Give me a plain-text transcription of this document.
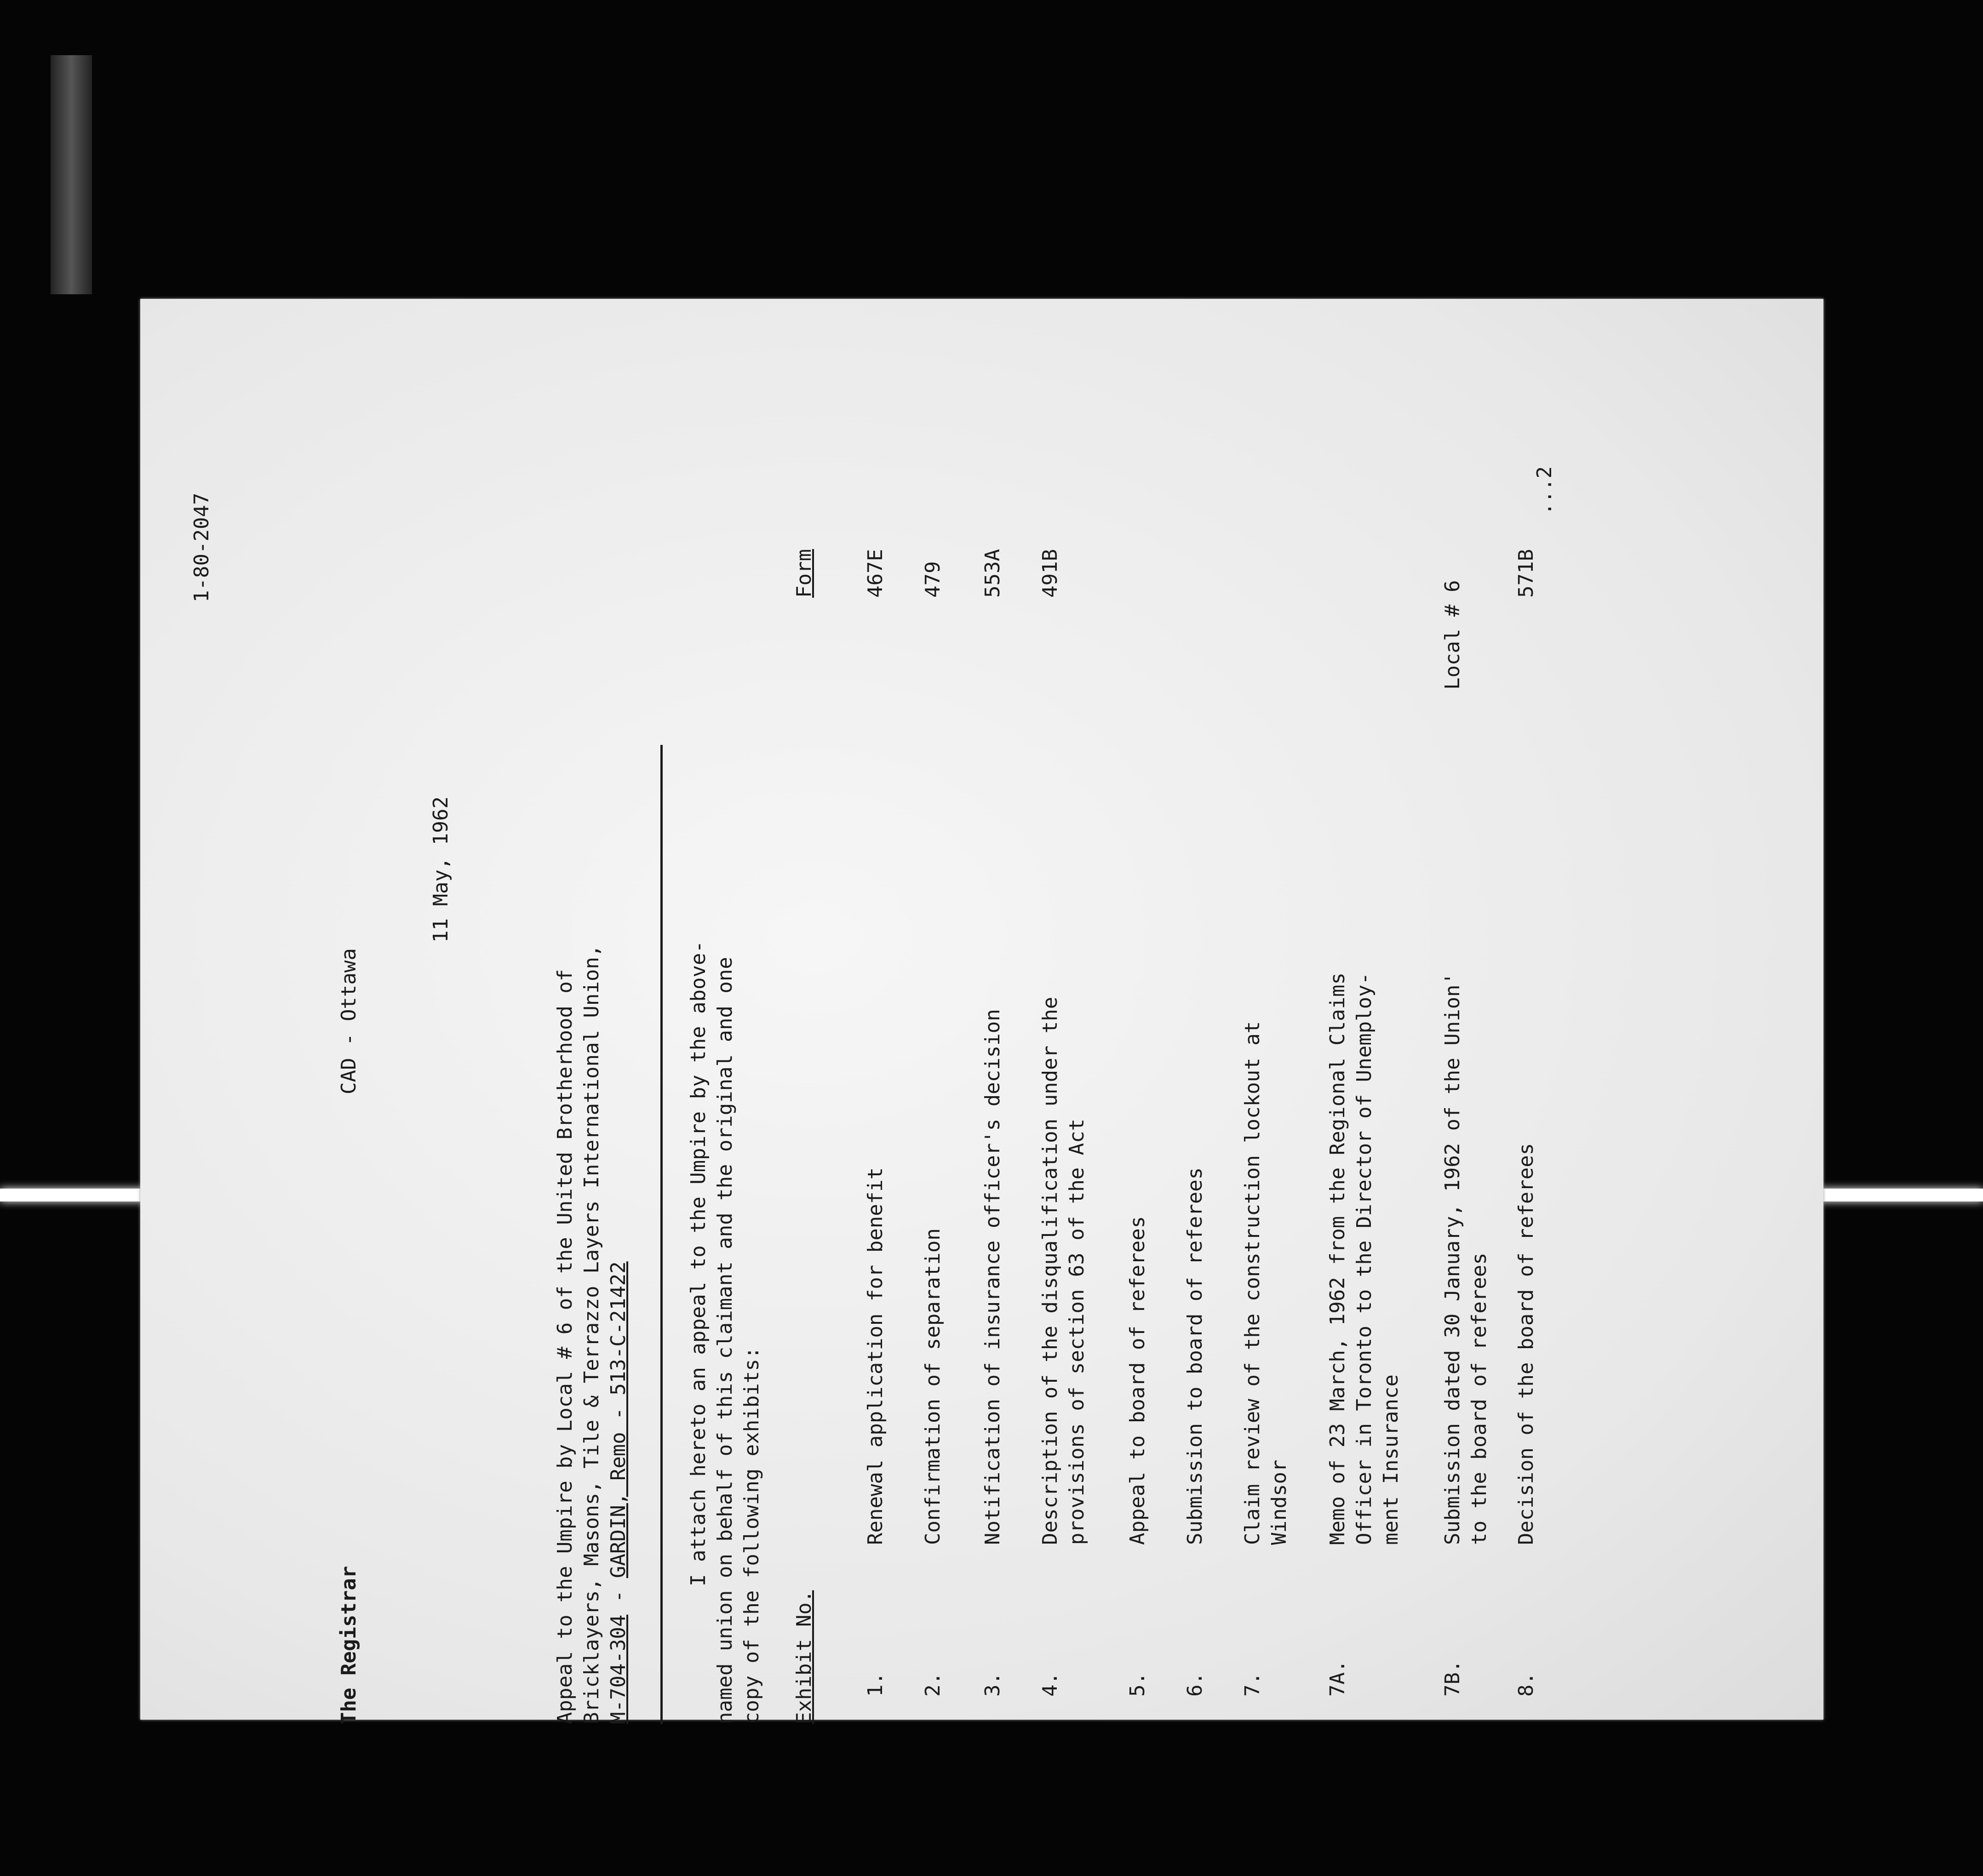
1-80-2047
The Registrar
CAD - Ottawa
11 May, 1962
Appeal to the Umpire by Local # 6 of the United Brotherhood of Bricklayers, Masons, Tile & Terrazzo Layers International Union, M-704-304 - GARDIN, Remo - 513-C-21422	I attach hereto an appeal to the Umpire by the above- named union on behalf of this claimant and the original and one copy of the following exhibits: Exhibit No.
Form
1.
Renewal application for benefit
467E
2.
Confirmation of separation
479
3.
Notification of insurance officer's decision
553A
4.
Description of the disqualification under the provisions of section 63 of the Act
491B
5.
Appeal to board of referees
6.
Submission to board of referees
7.
Claim review of the construction lockout at Windsor
7A.
Memo of 23 March, 1962 from the Regional Claims Officer in Toronto to the Director of Unemploy- ment Insurance
7B.
Submission dated 30 January, 1962 of the Union' to the board of referees
Local # 6
8.
Decision of the board of referees
571B
...2
